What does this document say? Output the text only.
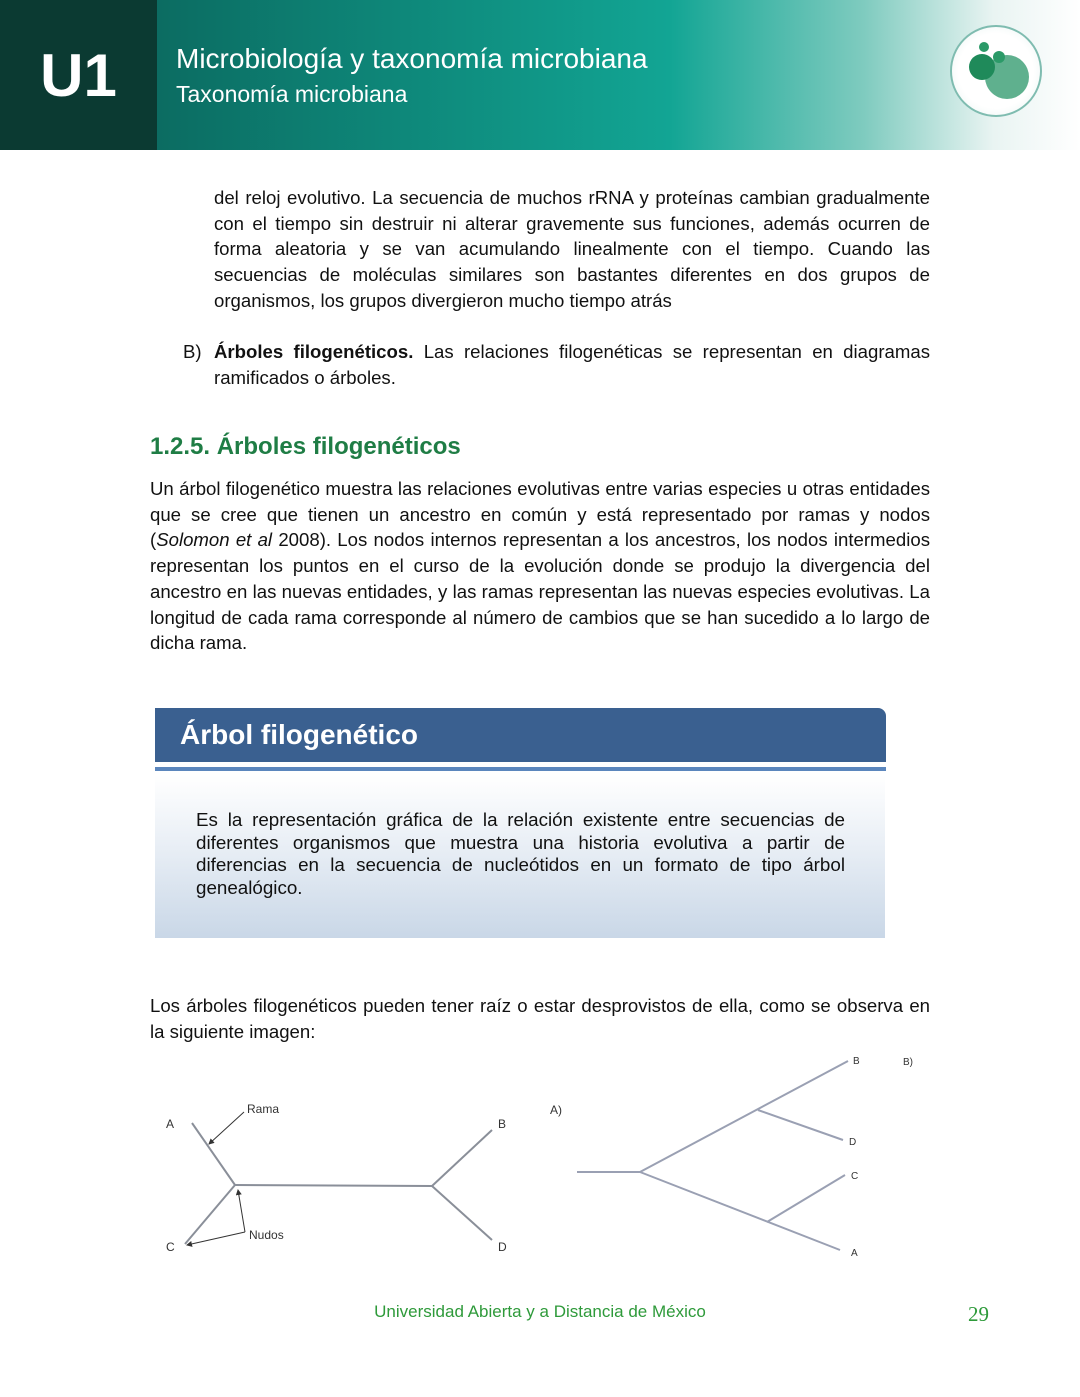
U1	Microbiología y taxonomía microbiana
Taxonomía microbiana
del reloj evolutivo. La secuencia de muchos rRNA y proteínas cambian gradualmente con el tiempo sin destruir ni alterar gravemente sus funciones, además ocurren de forma aleatoria y se van acumulando linealmente con el tiempo. Cuando las secuencias de moléculas similares son bastantes diferentes en dos grupos de organismos, los grupos divergieron mucho tiempo atrás
B) Árboles filogenéticos. Las relaciones filogenéticas se representan en diagramas ramificados o árboles.
1.2.5. Árboles filogenéticos
Un árbol filogenético muestra las relaciones evolutivas entre varias especies u otras entidades que se cree que tienen un ancestro en común y está representado por ramas y nodos (Solomon et al 2008). Los nodos internos representan a los ancestros, los nodos intermedios representan los puntos en el curso de la evolución donde se produjo la divergencia del ancestro en las nuevas entidades, y las ramas representan las nuevas especies evolutivas. La longitud de cada rama corresponde al número de cambios que se han sucedido a lo largo de dicha rama.
Árbol filogenético
Es la representación gráfica de la relación existente entre secuencias de diferentes organismos que muestra una historia evolutiva a partir de diferencias en la secuencia de nucleótidos en un formato de tipo árbol genealógico.
Los árboles filogenéticos pueden tener raíz o estar desprovistos de ella, como se observa en la siguiente imagen:
A	B
C	D
Rama
Nudos
B
D
C
A
B)
A)
Universidad Abierta y a Distancia de México	29
